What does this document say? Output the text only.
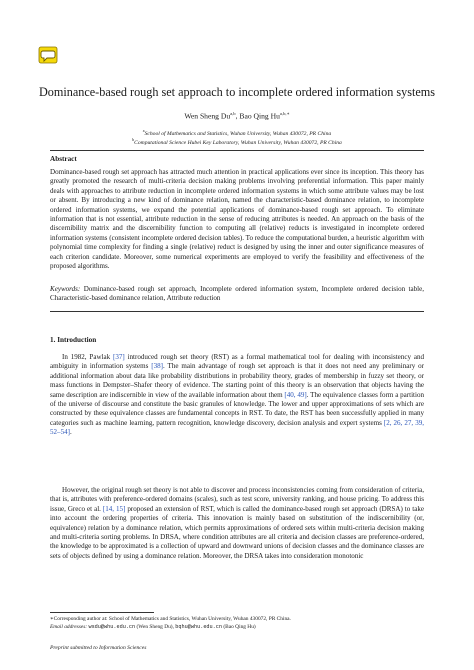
Dominance-based rough set approach to incomplete ordered information systems
Wen Sheng Du$^{a,b}$, Bao Qing $Hu^{a,b,∗}$
$^a$School of Mathematics and Statistics, Wuhan University, Wuhan 430072, PR China
$^b$Computational Science Hubei Key Laboratory, Wuhan University, Wuhan 430072, PR China
Abstract

Dominance-based rough set approach has attracted much attention in practical applications ever since its inception. This theory has greatly promoted the research of multi-criteria decision making problems involving preferential information. This paper mainly deals with approaches to attribute reduction in incomplete ordered information systems in which some attribute values may be lost or absent. By introducing a new kind of dominance relation, named the characteristic-based dominance relation, to incomplete ordered information systems, we expand the potential applications of dominance-based rough set approach. To eliminate information that is not essential, attribute reduction in the sense of reducing attributes is needed. An approach on the basis of the discernibility matrix and the discernibility function to computing all (relative) reducts is investigated in incomplete ordered information systems (consistent incomplete ordered decision tables). To reduce the computational burden, a heuristic algorithm with polynomial time complexity for finding a single (relative) reduct is designed by using the inner and outer significance measures of each criterion candidate. Moreover, some numerical experiments are employed to verify the feasibility and effectiveness of the proposed algorithms.

Keywords: Dominance-based rough set approach, Incomplete ordered information system, Incomplete ordered decision table, Characteristic-based dominance relation, Attribute reduction

1. Introduction

In 1982, Pawlak [37] introduced rough set theory (RST) as a formal mathematical tool for dealing with inconsistency and ambiguity in information systems [38]. The main advantage of rough set approach is that it does not need any preliminary or additional information about data like probability distributions in probability theory, grades of membership in fuzzy set theory, or mass functions in Dempster–Shafer theory of evidence. The starting point of this theory is an observation that objects having the same description are indiscernible in view of the available information about them [40, 49]. The equivalence classes form a partition of the universe of discourse and constitute the basic granules of knowledge. The lower and upper approximations of sets which are constructed by these equivalence classes are fundamental concepts in RST. To date, the RST has been successfully applied in many categories such as machine learning, pattern recognition, knowledge discovery, decision analysis and expert systems [2, 26, 27, 39, 52–54].

However, the original rough set theory is not able to discover and process inconsistencies coming from consideration of criteria, that is, attributes with preference-ordered domains (scales), such as test score, university ranking, and house pricing. To address this issue, Greco et al. [14, 15] proposed an extension of RST, which is called the dominance-based rough set approach (DRSA) to take into account the ordering properties of criteria. This innovation is mainly based on substitution of the indiscernibility (or, equivalence) relation by a dominance relation, which permits approximations of ordered sets within multi-criteria decision making and multi-criteria sorting problems. In DRSA, where condition attributes are all criteria and decision classes are preference-ordered, the knowledge to be approximated is a collection of upward and downward unions of decision classes and the dominance classes are sets of objects defined by using a dominance relation. Moreover, the DRSA takes into consideration monotonic

∗Corresponding author at: School of Mathematics and Statistics, Wuhan University, Wuhan 430072, PR China.
Email addresses: wsdu@whu.edu.cn (Wen Sheng Du), bqhu@whu.edu.cn (Bao Qing Hu)
Preprint submitted to Information Sciences
